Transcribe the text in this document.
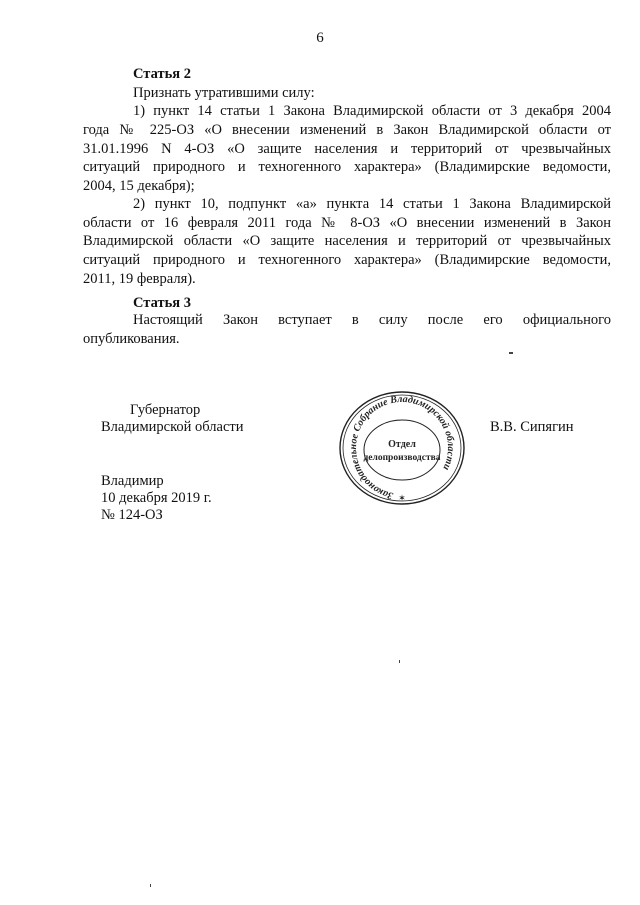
6
Статья 2
Признать утратившими силу:
1) пункт 14 статьи 1 Закона Владимирской области от 3 декабря 2004
года № 225-ОЗ «О внесении изменений в Закон Владимирской области от
31.01.1996 N 4-ОЗ «О защите населения и территорий от чрезвычайных
ситуаций природного и техногенного характера» (Владимирские ведомости,
2004, 15 декабря);
2) пункт 10, подпункт «а» пункта 14 статьи 1 Закона Владимирской
области от 16 февраля 2011 года № 8-ОЗ «О внесении изменений в Закон
Владимирской области «О защите населения и территорий от чрезвычайных
ситуаций природного и техногенного характера» (Владимирские ведомости,
2011, 19 февраля).
Статья 3
Настоящий Закон вступает в силу после его официального
опубликования.
Губернатор
Владимирской области	В.В. Сипягин
Законодательное Собрание Владимирской области
Отдел
делопроизводства
✶
Владимир
10 декабря 2019 г.
№ 124-ОЗ
